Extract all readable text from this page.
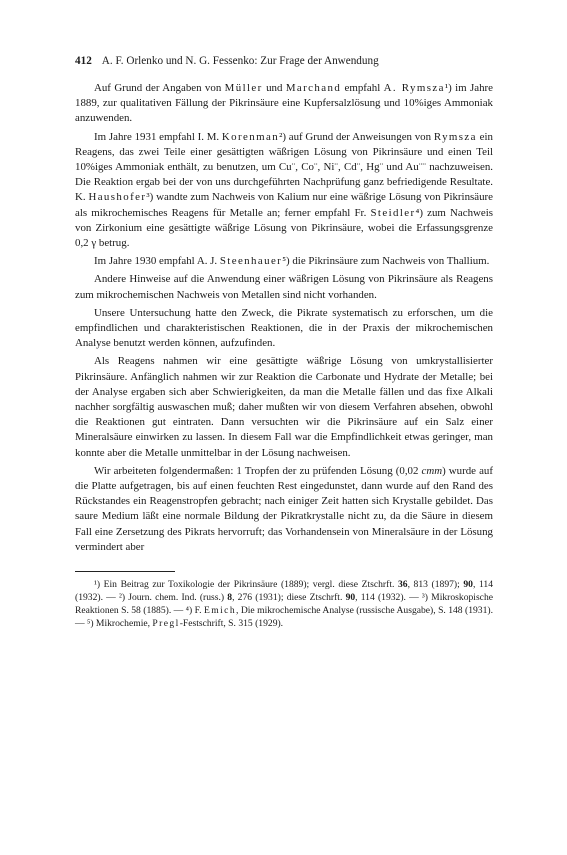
412 A. F. Orlenko und N. G. Fessenko: Zur Frage der Anwendung

Auf Grund der Angaben von Müller und Marchand empfahl A. Rymsza¹) im Jahre 1889, zur qualitativen Fällung der Pikrinsäure eine Kupfersalzlösung und 10%iges Ammoniak anzuwenden.

Im Jahre 1931 empfahl I. M. Korenman²) auf Grund der Anweisungen von Rymsza ein Reagens, das zwei Teile einer gesättigten wäßrigen Lösung von Pikrinsäure und einen Teil 10%iges Ammoniak enthält, zu benutzen, um Cu¨, Co¨, Ni¨, Cd¨, Hg¨ und Au¨¨ nachzuweisen. Die Reaktion ergab bei der von uns durchgeführten Nachprüfung ganz befriedigende Resultate. K. Haushofer³) wandte zum Nachweis von Kalium nur eine wäßrige Lösung von Pikrinsäure als mikrochemisches Reagens für Metalle an; ferner empfahl Fr. Steidler⁴) zum Nachweis von Zirkonium eine gesättigte wäßrige Lösung von Pikrinsäure, wobei die Erfassungsgrenze 0,2 γ betrug.

Im Jahre 1930 empfahl A. J. Steenhauer⁵) die Pikrinsäure zum Nachweis von Thallium.

Andere Hinweise auf die Anwendung einer wäßrigen Lösung von Pikrinsäure als Reagens zum mikrochemischen Nachweis von Metallen sind nicht vorhanden.

Unsere Untersuchung hatte den Zweck, die Pikrate systematisch zu erforschen, um die empfindlichen und charakteristischen Reaktionen, die in der Praxis der mikrochemischen Analyse benutzt werden können, aufzufinden.

Als Reagens nahmen wir eine gesättigte wäßrige Lösung von umkrystallisierter Pikrinsäure. Anfänglich nahmen wir zur Reaktion die Carbonate und Hydrate der Metalle; bei der Analyse ergaben sich aber Schwierigkeiten, da man die Metalle fällen und das fixe Alkali nachher sorgfältig auswaschen muß; daher mußten wir von diesem Verfahren absehen, obwohl die Reaktionen gut eintraten. Dann versuchten wir die Pikrinsäure auf ein Salz einer Mineralsäure einwirken zu lassen. In diesem Fall war die Empfindlichkeit etwas geringer, man konnte aber die Metalle unmittelbar in der Lösung nachweisen.

Wir arbeiteten folgendermaßen: 1 Tropfen der zu prüfenden Lösung (0,02 cmm) wurde auf die Platte aufgetragen, bis auf einen feuchten Rest eingedunstet, dann wurde auf den Rand des Rückstandes ein Reagenstropfen gebracht; nach einiger Zeit hatten sich Krystalle gebildet. Das saure Medium läßt eine normale Bildung der Pikratkrystalle nicht zu, da die Säure in diesem Fall eine Zersetzung des Pikrats hervorruft; das Vorhandensein von Mineralsäure in der Lösung vermindert aber

¹) Ein Beitrag zur Toxikologie der Pikrinsäure (1889); vergl. diese Ztschrft. 36, 813 (1897); 90, 114 (1932). — ²) Journ. chem. Ind. (russ.) 8, 276 (1931); diese Ztschrft. 90, 114 (1932). — ³) Mikroskopische Reaktionen S. 58 (1885). — ⁴) F. Emich, Die mikrochemische Analyse (russische Ausgabe), S. 148 (1931). — ⁵) Mikrochemie, Pregl-Festschrift, S. 315 (1929).
